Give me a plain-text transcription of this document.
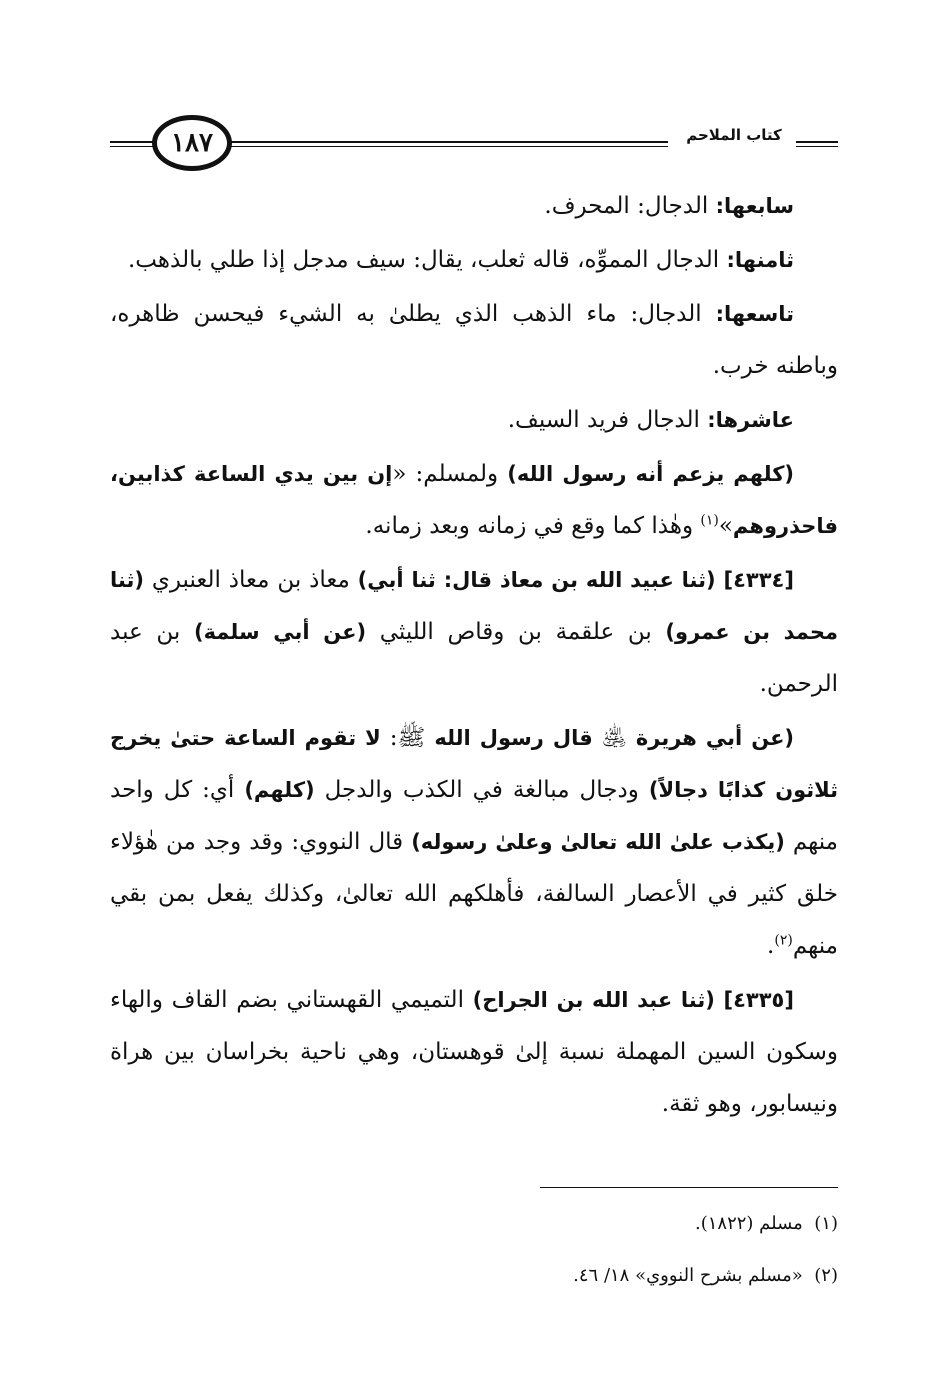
١٨٧	كتاب الملاحم

سابعها: الدجال: المحرف.

ثامنها: الدجال المموِّه، قاله ثعلب، يقال: سيف مدجل إذا طلي بالذهب.

تاسعها: الدجال: ماء الذهب الذي يطلىٰ به الشيء فيحسن ظاهره، وباطنه خرب.

عاشرها: الدجال فريد السيف.

(كلهم يزعم أنه رسول الله) ولمسلم: «إن بين يدي الساعة كذابين، فاحذروهم»$^{(١)}$ وهٰذا كما وقع في زمانه وبعد زمانه.

[٤٣٣٤] (ثنا عبيد الله بن معاذ قال: ثنا أبي) معاذ بن معاذ العنبري (ثنا محمد بن عمرو) بن علقمة بن وقاص الليثي (عن أبي سلمة) بن عبد الرحمن.

(عن أبي هريرة ﵁ قال رسول الله ﷺ: لا تقوم الساعة حتىٰ يخرج ثلاثون كذابًا دجالاً) ودجال مبالغة في الكذب والدجل (كلهم) أي: كل واحد منهم (يكذب علىٰ الله تعالىٰ وعلىٰ رسوله) قال النووي: وقد وجد من هٰؤلاء خلق كثير في الأعصار السالفة، فأهلكهم الله تعالىٰ، وكذلك يفعل بمن بقي منهم$^{(٢)}$.

[٤٣٣٥] (ثنا عبد الله بن الجراح) التميمي القهستاني بضم القاف والهاء وسكون السين المهملة نسبة إلىٰ قوهستان، وهي ناحية بخراسان بين هراة ونيسابور، وهو ثقة.

(١)  مسلم (١٨٢٢).
(٢)  «مسلم بشرح النووي» ١٨/ ٤٦.
